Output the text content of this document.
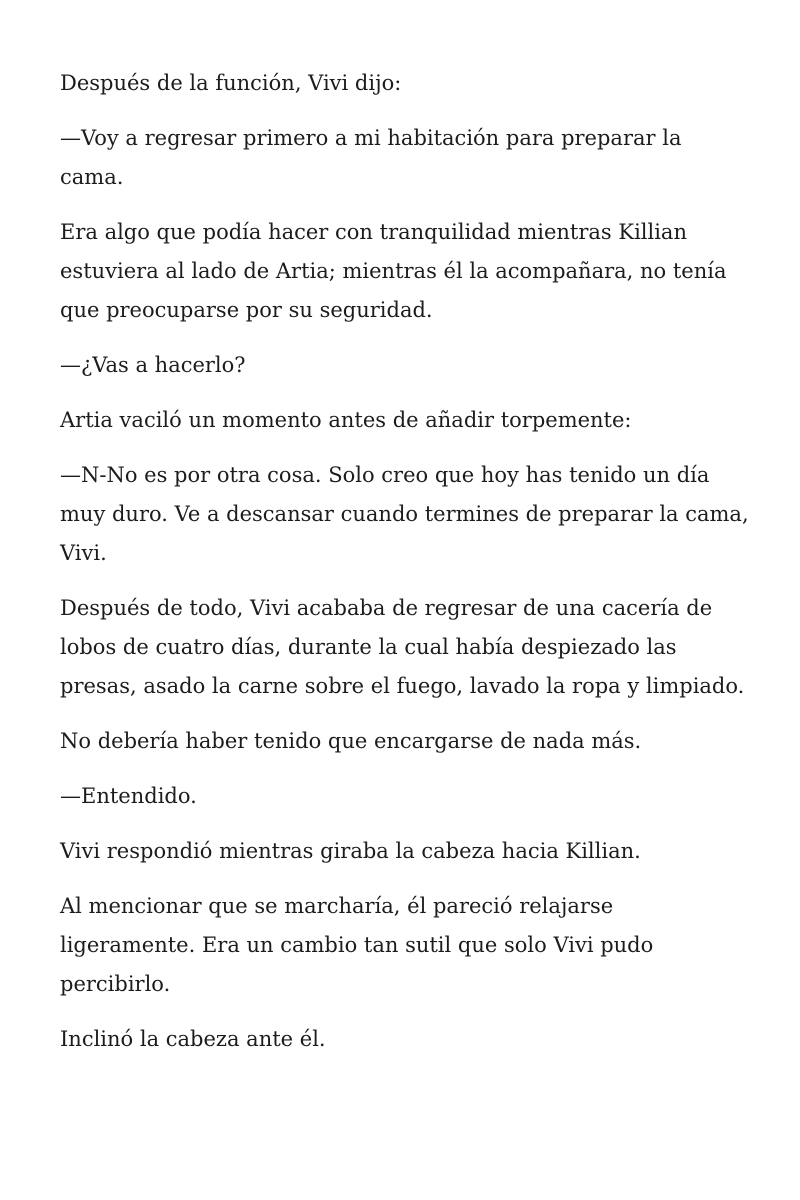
Después de la función, Vivi dijo:

—Voy a regresar primero a mi habitación para preparar la cama.

Era algo que podía hacer con tranquilidad mientras Killian estuviera al lado de Artia; mientras él la acompañara, no tenía que preocuparse por su seguridad.

—¿Vas a hacerlo?

Artia vaciló un momento antes de añadir torpemente:

—N-No es por otra cosa. Solo creo que hoy has tenido un día muy duro. Ve a descansar cuando termines de preparar la cama, Vivi.

Después de todo, Vivi acababa de regresar de una cacería de lobos de cuatro días, durante la cual había despiezado las presas, asado la carne sobre el fuego, lavado la ropa y limpiado.

No debería haber tenido que encargarse de nada más.

—Entendido.

Vivi respondió mientras giraba la cabeza hacia Killian.

Al mencionar que se marcharía, él pareció relajarse ligeramente. Era un cambio tan sutil que solo Vivi pudo percibirlo.

Inclinó la cabeza ante él.
